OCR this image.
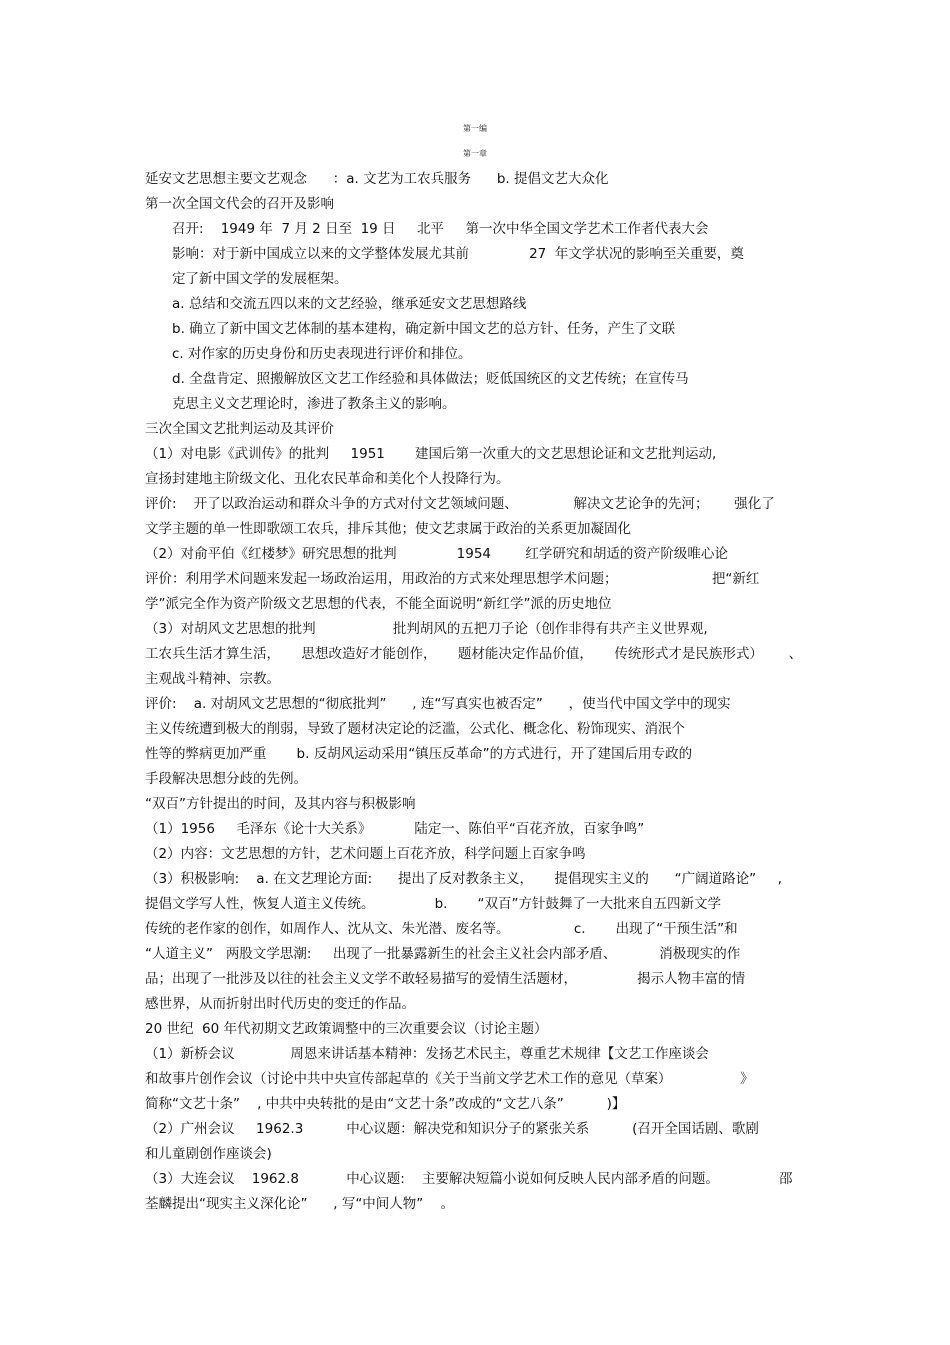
第一编
第一章
延安文艺思想主要文艺观念      ：a. 文艺为工农兵服务      b. 提倡文艺大众化
第一次全国文代会的召开及影响
召开:    1949 年  7 月 2 日至  19 日     北平     第一次中华全国文学艺术工作者代表大会
影响：对于新中国成立以来的文学整体发展尤其前              27  年文学状况的影响至关重要，奠
定了新中国文学的发展框架。
a. 总结和交流五四以来的文艺经验，继承延安文艺思想路线
b. 确立了新中国文艺体制的基本建构，确定新中国文艺的总方针、任务，产生了文联
c. 对作家的历史身份和历史表现进行评价和排位。
d. 全盘肯定、照搬解放区文艺工作经验和具体做法；贬低国统区的文艺传统；在宣传马
克思主义文艺理论时，渗进了教条主义的影响。
三次全国文艺批判运动及其评价
（1）对电影《武训传》的批判     1951       建国后第一次重大的文艺思想论证和文艺批判运动,
宣扬封建地主阶级文化、丑化农民革命和美化个人投降行为。
评价:    开了以政治运动和群众斗争的方式对付文艺领域问题、             解决文艺论争的先河；      强化了
文学主题的单一性即歌颂工农兵，排斥其他；使文艺隶属于政治的关系更加凝固化
（2）对俞平伯《红楼梦》研究思想的批判              1954        红学研究和胡适的资产阶级唯心论
评价：利用学术问题来发起一场政治运用，用政治的方式来处理思想学术问题；                      把“新红
学”派完全作为资产阶级文艺思想的代表，不能全面说明“新红学”派的历史地位
（3）对胡风文艺思想的批判                  批判胡风的五把刀子论（创作非得有共产主义世界观,
工农兵生活才算生活，     思想改造好才能创作，     题材能决定作品价值，     传统形式才是民族形式）      、
主观战斗精神、宗教。
评价:    a. 对胡风文艺思想的“彻底批判”      , 连“写真实也被否定”      ，使当代中国文学中的现实
主义传统遭到极大的削弱，导致了题材决定论的泛滥，公式化、概念化、粉饰现实、消泯个
性等的弊病更加严重       b. 反胡风运动采用“镇压反革命”的方式进行，开了建国后用专政的
手段解决思想分歧的先例。
“双百”方针提出的时间，及其内容与积极影响
（1）1956     毛泽东《论十大关系》          陆定一、陈伯平“百花齐放，百家争鸣”
（2）内容：文艺思想的方针，艺术问题上百花齐放，科学问题上百家争鸣
（3）积极影响:    a. 在文艺理论方面:      提出了反对教条主义，     提倡现实主义的      “广阔道路论”     ,
提倡文学写人性，恢复人道主义传统。              b.       “双百”方针鼓舞了一大批来自五四新文学
传统的老作家的创作，如周作人、沈从文、朱光潜、废名等。               c.       出现了“干预生活”和
“人道主义”   两股文学思潮:     出现了一批暴露新生的社会主义社会内部矛盾、          消极现实的作
品；出现了一批涉及以往的社会主义文学不敢轻易描写的爱情生活题材，              揭示人物丰富的情
感世界，从而折射出时代历史的变迁的作品。
20 世纪  60 年代初期文艺政策调整中的三次重要会议（讨论主题）
（1）新桥会议             周恩来讲话基本精神：发扬艺术民主，尊重艺术规律【文艺工作座谈会
和故事片创作会议（讨论中共中央宣传部起草的《关于当前文学艺术工作的意见（草案）                》
简称“文艺十条”    , 中共中央转批的是由“文艺十条”改成的“文艺八条”          )】
（2）广州会议     1962.3          中心议题：解决党和知识分子的紧张关系          (召开全国话剧、歌剧
和儿童剧创作座谈会)
（3）大连会议    1962.8           中心议题:    主要解决短篇小说如何反映人民内部矛盾的问题。              邵
荃麟提出“现实主义深化论”      , 写“中间人物”    。
